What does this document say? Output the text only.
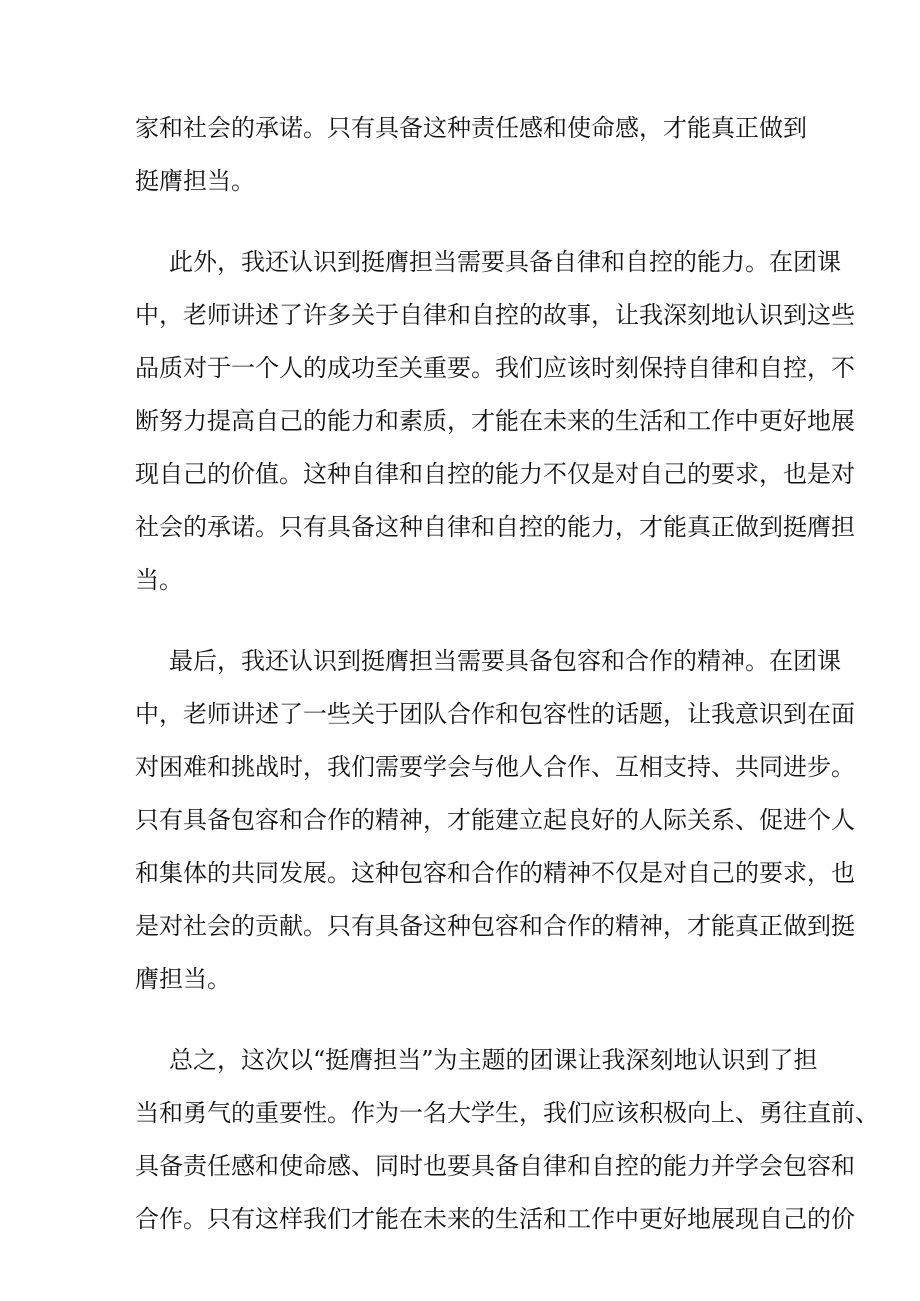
家和社会的承诺。只有具备这种责任感和使命感，才能真正做到
挺膺担当。
此外，我还认识到挺膺担当需要具备自律和自控的能力。在团课
中，老师讲述了许多关于自律和自控的故事，让我深刻地认识到这些
品质对于一个人的成功至关重要。我们应该时刻保持自律和自控，不
断努力提高自己的能力和素质，才能在未来的生活和工作中更好地展
现自己的价值。这种自律和自控的能力不仅是对自己的要求，也是对
社会的承诺。只有具备这种自律和自控的能力，才能真正做到挺膺担
当。
最后，我还认识到挺膺担当需要具备包容和合作的精神。在团课
中，老师讲述了一些关于团队合作和包容性的话题，让我意识到在面
对困难和挑战时，我们需要学会与他人合作、互相支持、共同进步。
只有具备包容和合作的精神，才能建立起良好的人际关系、促进个人
和集体的共同发展。这种包容和合作的精神不仅是对自己的要求，也
是对社会的贡献。只有具备这种包容和合作的精神，才能真正做到挺
膺担当。
总之，这次以“挺膺担当”为主题的团课让我深刻地认识到了担
当和勇气的重要性。作为一名大学生，我们应该积极向上、勇往直前、
具备责任感和使命感、同时也要具备自律和自控的能力并学会包容和
合作。只有这样我们才能在未来的生活和工作中更好地展现自己的价
